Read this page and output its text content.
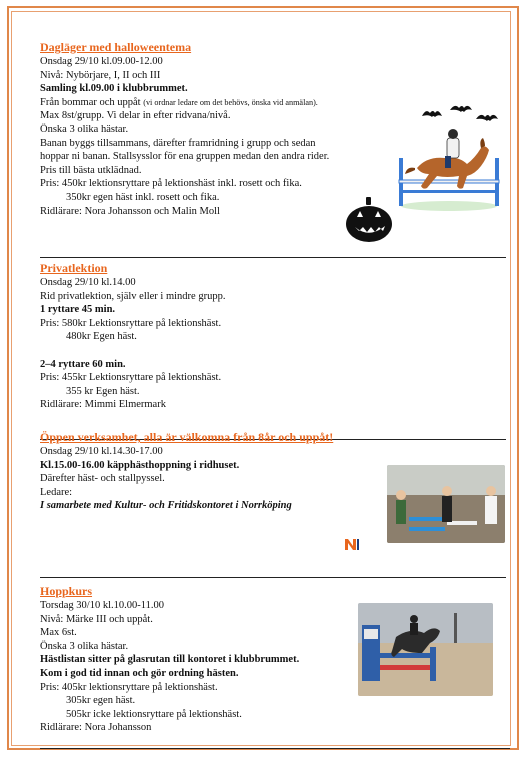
Dagläger med halloweentema

Onsdag 29/10 kl.09.00-12.00

Nivå: Nybörjare, I, II och III

Samling kl.09.00 i klubbrummet.

Från bommar och uppåt (vi ordnar ledare om det behövs, önska vid anmälan).

Max 8st/grupp. Vi delar in efter ridvana/nivå.

Önska 3 olika hästar.

Banan byggs tillsammans, därefter framridning i grupp och sedan

hoppar ni banan. Stallsysslor för ena gruppen medan den andra rider.

Pris till bästa utklädnad.

Pris: 450kr lektionsryttare på lektionshäst inkl. rosett och fika.

350kr egen häst inkl. rosett och fika.

Ridlärare: Nora Johansson och Malin Moll

Privatlektion

Onsdag 29/10 kl.14.00

Rid privatlektion, själv eller i mindre grupp.

1 ryttare 45 min.

Pris: 580kr Lektionsryttare på lektionshäst.

480kr Egen häst.

2–4 ryttare 60 min.

Pris: 455kr Lektionsryttare på lektionshäst.

355 kr Egen häst.

Ridlärare: Mimmi Elmermark

Öppen verksamhet, alla är välkomna från 8år och uppåt!

Onsdag 29/10 kl.14.30-17.00

Kl.15.00-16.00 käpphästhoppning i ridhuset.

Därefter häst- och stallpyssel.

Ledare:

I samarbete med Kultur- och Fritidskontoret i Norrköping

Hoppkurs

Torsdag 30/10 kl.10.00-11.00

Nivå: Märke III och uppåt.

Max 6st.

Önska 3 olika hästar.

Hästlistan sitter på glasrutan till kontoret i klubbrummet.

Kom i god tid innan och gör ordning hästen.

Pris: 405kr lektionsryttare på lektionshäst.

305kr egen häst.

505kr icke lektionsryttare på lektionshäst.

Ridlärare: Nora Johansson
